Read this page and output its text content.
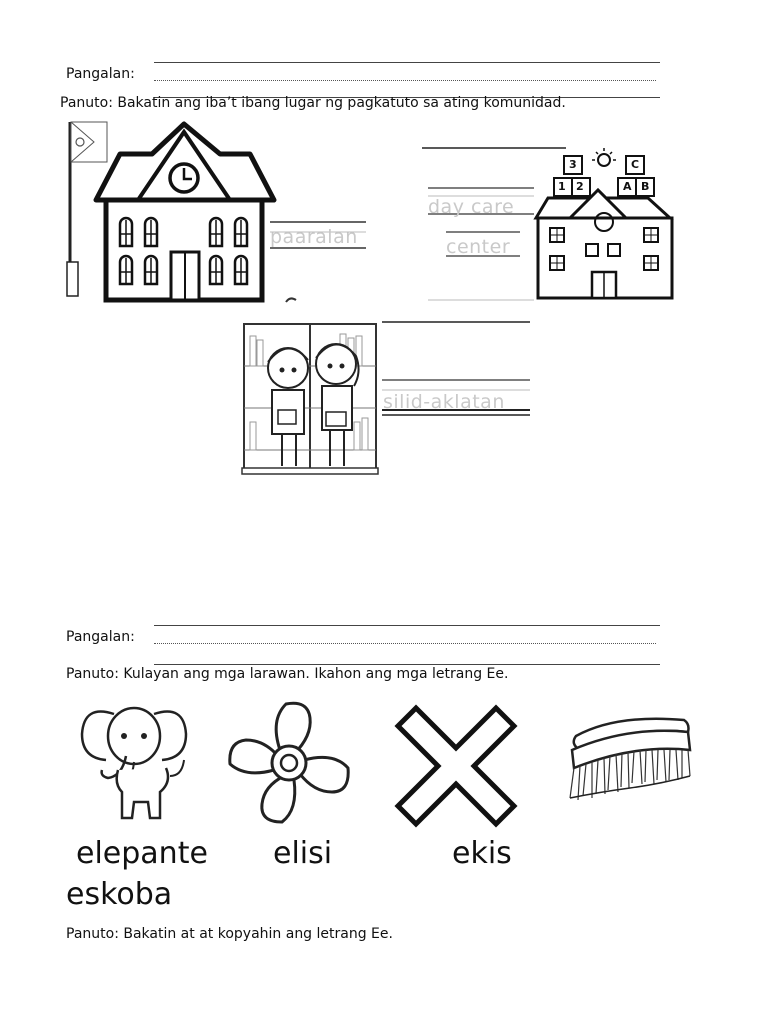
Pangalan:
Panuto: Bakatin ang iba’t ibang lugar ng pagkatuto sa ating komunidad.
paaralan
day care
center
3
1 2
C
A B
silid-aklatan
Pangalan:
Panuto: Kulayan ang mga larawan. Ikahon ang mga letrang Ee.
elepante elisi	ekis
eskoba
Panuto: Bakatin at at kopyahin ang letrang Ee.
